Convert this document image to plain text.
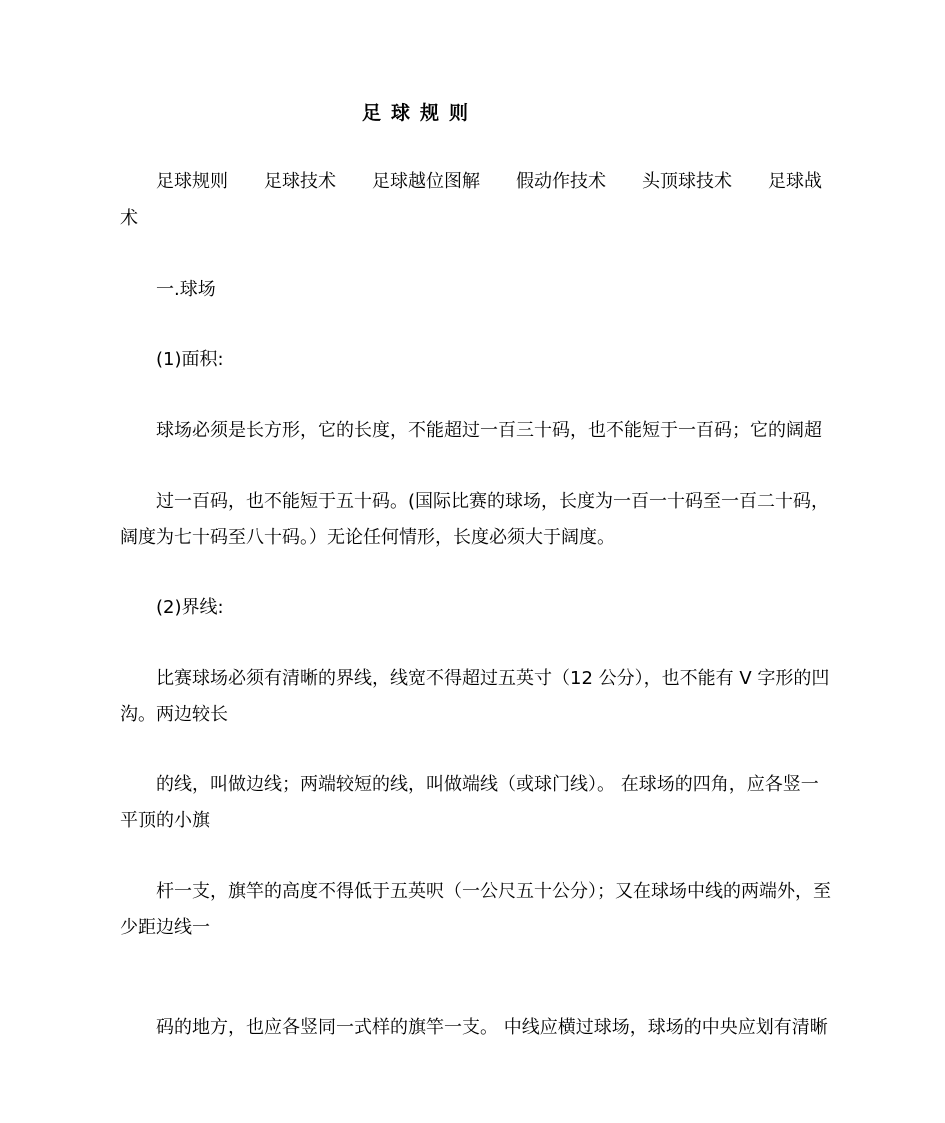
足球规则
足球规则 足球技术 足球越位图解 假动作技术 头顶球技术 足球战
术
一.球场
(1)面积:
球场必须是长方形，它的长度，不能超过一百三十码，也不能短于一百码；它的阔超
过一百码，也不能短于五十码。(国际比赛的球场，长度为一百一十码至一百二十码，
阔度为七十码至八十码。）无论任何情形，长度必须大于阔度。
(2)界线:
比赛球场必须有清晰的界线，线宽不得超过五英寸（12 公分），也不能有 V 字形的凹
沟。两边较长
的线，叫做边线；两端较短的线，叫做端线（或球门线）。 在球场的四角，应各竖一
平顶的小旗
杆一支，旗竿的高度不得低于五英呎（一公尺五十公分）；又在球场中线的两端外，至
少距边线一
码的地方，也应各竖同一式样的旗竿一支。 中线应横过球场，球场的中央应划有清晰
